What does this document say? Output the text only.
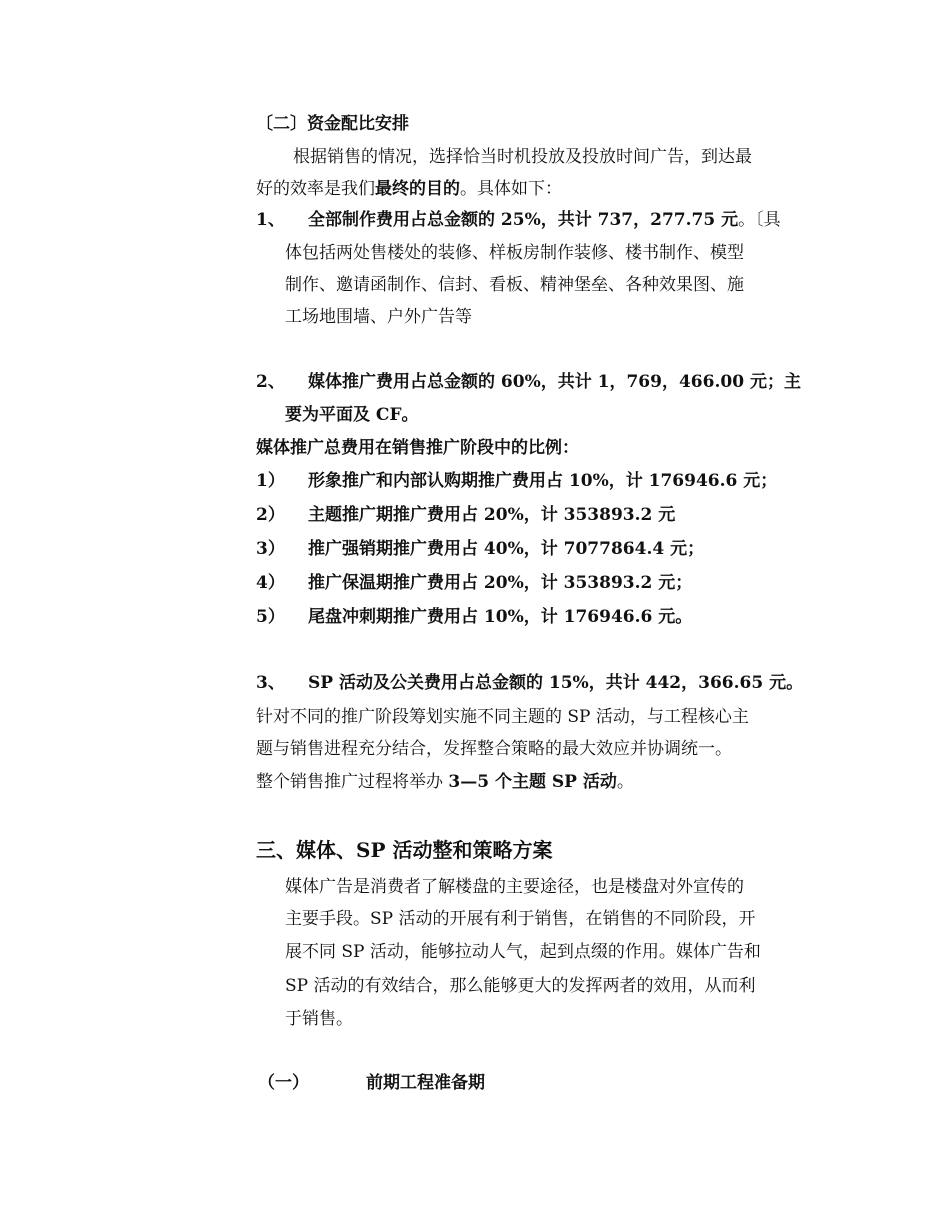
〔二〕资金配比安排
根据销售的情况，选择恰当时机投放及投放时间广告，到达最
好的效率是我们最终的目的。具体如下：
1、 全部制作费用占总金额的 25%，共计 737，277.75 元。〔具
体包括两处售楼处的装修、样板房制作装修、楼书制作、模型
制作、邀请函制作、信封、看板、精神堡垒、各种效果图、施
工场地围墙、户外广告等
2、 媒体推广费用占总金额的 60%，共计 1，769，466.00 元；主
要为平面及 CF。
媒体推广总费用在销售推广阶段中的比例：
1） 形象推广和内部认购期推广费用占 10%，计 176946.6 元；
2） 主题推广期推广费用占 20%，计 353893.2 元
3） 推广强销期推广费用占 40%，计 7077864.4 元；
4） 推广保温期推广费用占 20%，计 353893.2 元；
5） 尾盘冲刺期推广费用占 10%，计 176946.6 元。
3、 SP 活动及公关费用占总金额的 15%，共计 442，366.65 元。
针对不同的推广阶段筹划实施不同主题的 SP 活动，与工程核心主
题与销售进程充分结合，发挥整合策略的最大效应并协调统一。
整个销售推广过程将举办 3—5 个主题 SP 活动。
三、媒体、SP 活动整和策略方案
媒体广告是消费者了解楼盘的主要途径，也是楼盘对外宣传的
主要手段。SP 活动的开展有利于销售，在销售的不同阶段，开
展不同 SP 活动，能够拉动人气，起到点缀的作用。媒体广告和
SP 活动的有效结合，那么能够更大的发挥两者的效用，从而利
于销售。
（一）	前期工程准备期
